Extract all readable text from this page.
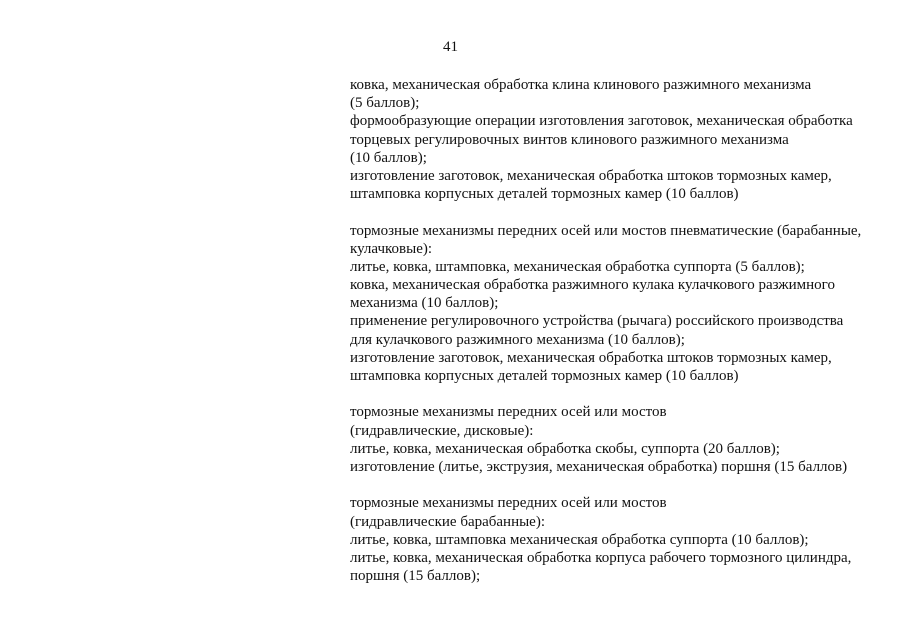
41
ковка, механическая обработка клина клинового разжимного механизма
(5 баллов);
формообразующие операции изготовления заготовок, механическая обработка
торцевых регулировочных винтов клинового разжимного механизма
(10 баллов);
изготовление заготовок, механическая обработка штоков тормозных камер,
штамповка корпусных деталей тормозных камер (10 баллов)
тормозные механизмы передних осей или мостов пневматические (барабанные,
кулачковые):
литье, ковка, штамповка, механическая обработка суппорта (5 баллов);
ковка, механическая обработка разжимного кулака кулачкового разжимного
механизма (10 баллов);
применение регулировочного устройства (рычага) российского производства
для кулачкового разжимного механизма (10 баллов);
изготовление заготовок, механическая обработка штоков тормозных камер,
штамповка корпусных деталей тормозных камер (10 баллов)
тормозные механизмы передних осей или мостов
(гидравлические, дисковые):
литье, ковка, механическая обработка скобы, суппорта (20 баллов);
изготовление (литье, экструзия, механическая обработка) поршня (15 баллов)
тормозные механизмы передних осей или мостов
(гидравлические барабанные):
литье, ковка, штамповка механическая обработка суппорта (10 баллов);
литье, ковка, механическая обработка корпуса рабочего тормозного цилиндра,
поршня (15 баллов);
